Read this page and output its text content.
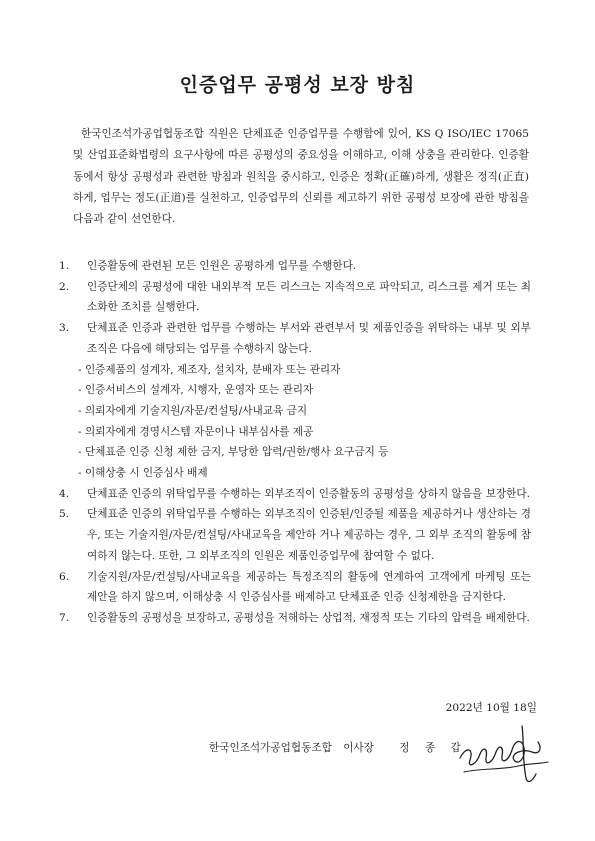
인증업무 공평성 보장 방침
한국인조석가공업협동조합 직원은 단체표준 인증업무를 수행함에 있어, KS Q ISO/IEC 17065 및 산업표준화법령의 요구사항에 따른 공평성의 중요성을 이해하고, 이해 상충을 관리한다. 인증활동에서 항상 공평성과 관련한 방침과 원칙을 중시하고, 인증은 정확(正確)하게, 생활은 정직(正直)하게, 업무는 정도(正道)를 실천하고, 인증업무의 신뢰를 제고하기 위한 공평성 보장에 관한 방침을 다음과 같이 선언한다.
1. 인증활동에 관련된 모든 인원은 공평하게 업무를 수행한다.
2. 인증단체의 공평성에 대한 내외부적 모든 리스크는 지속적으로 파악되고, 리스크를 제거 또는 최소화한 조치를 실행한다.
3. 단체표준 인증과 관련한 업무를 수행하는 부서와 관련부서 및 제품인증을 위탁하는 내부 및 외부조직은 다음에 해당되는 업무를 수행하지 않는다.
- 인증제품의 설계자, 제조자, 설치자, 분배자 또는 관리자
- 인증서비스의 설계자, 시행자, 운영자 또는 관리자
- 의뢰자에게 기술지원/자문/컨설팅/사내교육 금지
- 의뢰자에게 경영시스템 자문이나 내부심사를 제공
- 단체표준 인증 신청 제한 금지, 부당한 압력/권한/행사 요구금지 등
- 이해상충 시 인증심사 배제
4. 단체표준 인증의 위탁업무를 수행하는 외부조직이 인증활동의 공평성을 상하지 않음을 보장한다.
5. 단체표준 인증의 위탁업무를 수행하는 외부조직이 인증된/인증될 제품을 제공하거나 생산하는 경우, 또는 기술지원/자문/컨설팅/사내교육을 제안하 거나 제공하는 경우, 그 외부 조직의 활동에 참여하지 않는다. 또한, 그 외부조직의 인원은 제품인증업무에 참여할 수 없다.
6. 기술지원/자문/컨설팅/사내교육을 제공하는 특정조직의 활동에 연계하여 고객에게 마케팅 또는 제안을 하지 않으며, 이해상충 시 인증심사를 배제하고 단체표준 인증 신청제한을 금지한다.
7. 인증활동의 공평성을 보장하고, 공평성을 저해하는 상업적, 재정적 또는 기타의 압력을 배제한다.
2022년 10월 18일
한국인조석가공업협동조합 이사장 정 종 갑
